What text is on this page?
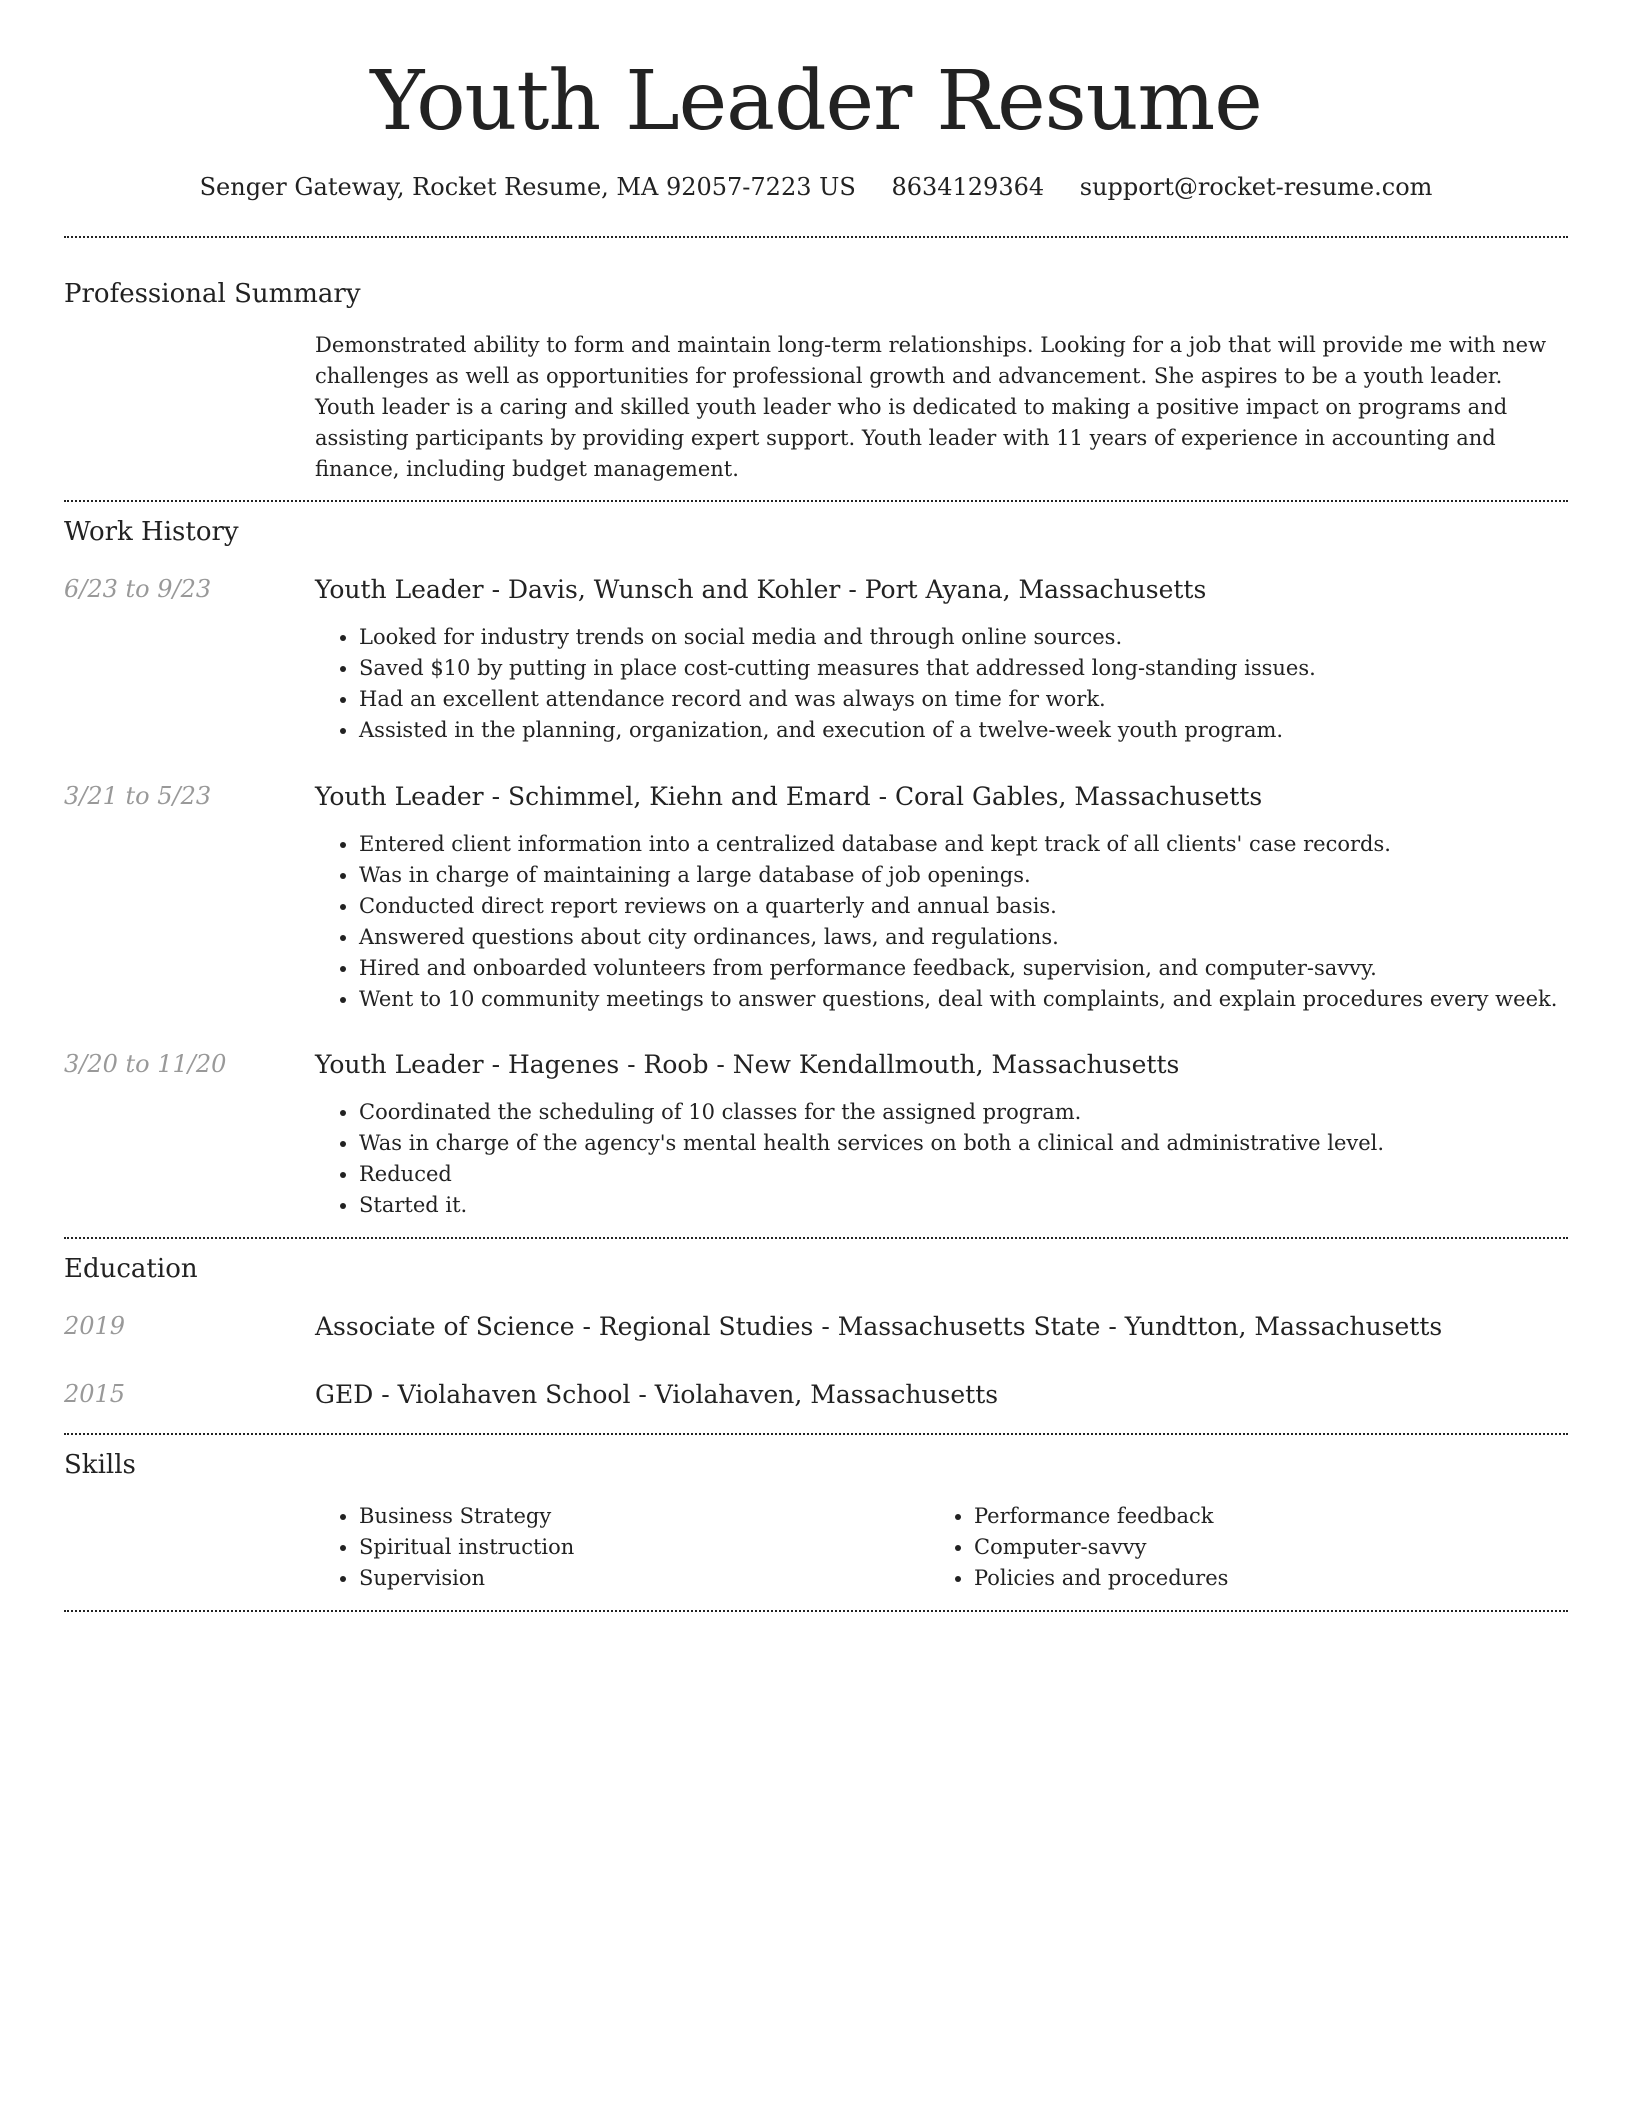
Youth Leader Resume
Senger Gateway, Rocket Resume, MA 92057-7223 US 8634129364 support@rocket-resume.com
Professional Summary
Demonstrated ability to form and maintain long-term relationships. Looking for a job that will provide me with new challenges as well as opportunities for professional growth and advancement. She aspires to be a youth leader. Youth leader is a caring and skilled youth leader who is dedicated to making a positive impact on programs and assisting participants by providing expert support. Youth leader with 11 years of experience in accounting and finance, including budget management.
Work History
6/23 to 9/23	Youth Leader - Davis, Wunsch and Kohler - Port Ayana, Massachusetts
• Looked for industry trends on social media and through online sources.
• Saved $10 by putting in place cost-cutting measures that addressed long-standing issues.
• Had an excellent attendance record and was always on time for work.
• Assisted in the planning, organization, and execution of a twelve-week youth program.
3/21 to 5/23	Youth Leader - Schimmel, Kiehn and Emard - Coral Gables, Massachusetts
• Entered client information into a centralized database and kept track of all clients' case records.
• Was in charge of maintaining a large database of job openings.
• Conducted direct report reviews on a quarterly and annual basis.
• Answered questions about city ordinances, laws, and regulations.
• Hired and onboarded volunteers from performance feedback, supervision, and computer-savvy.
• Went to 10 community meetings to answer questions, deal with complaints, and explain procedures every week.
3/20 to 11/20	Youth Leader - Hagenes - Roob - New Kendallmouth, Massachusetts
• Coordinated the scheduling of 10 classes for the assigned program.
• Was in charge of the agency's mental health services on both a clinical and administrative level.
• Reduced
• Started it.
Education
2019	Associate of Science - Regional Studies - Massachusetts State - Yundtton, Massachusetts
2015	GED - Violahaven School - Violahaven, Massachusetts
Skills
• Business Strategy
• Spiritual instruction
• Supervision
• Performance feedback
• Computer-savvy
• Policies and procedures
